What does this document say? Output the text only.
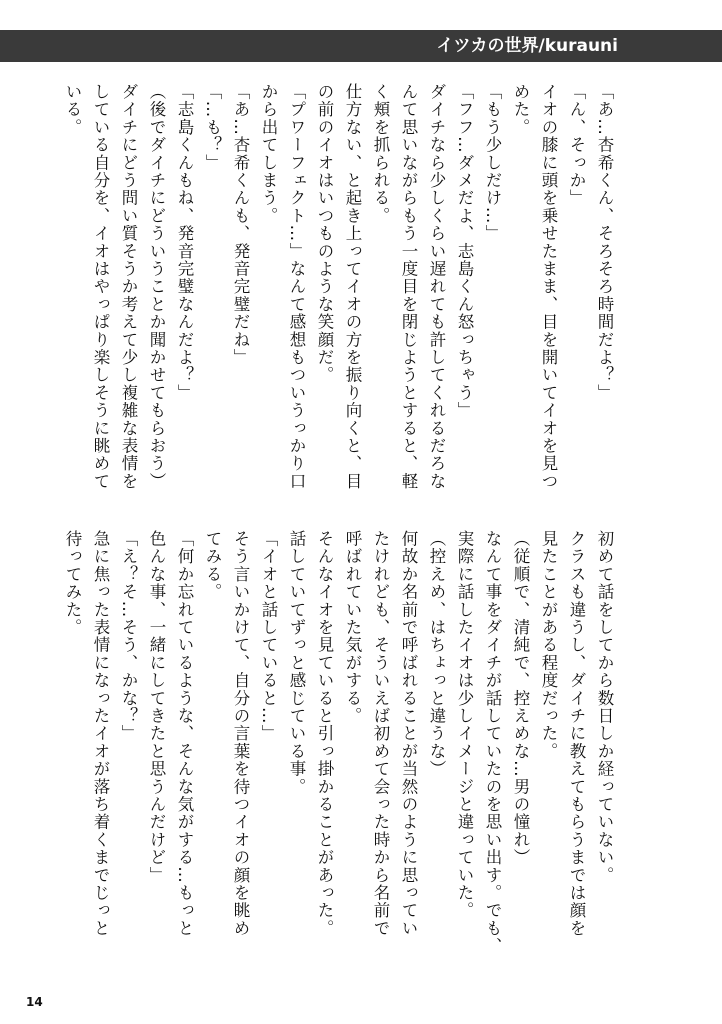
イツカの世界/kurauni
「あ…杏希くん、そろそろ時間だよ？」
「ん、そっか」
イオの膝に頭を乗せたまま、目を開いてイオを見つ
めた。
「もう少しだけ…」
「フフ…ダメだよ、志島くん怒っちゃう」
ダイチなら少しくらい遅れても許してくれるだろな
んて思いながらもう一度目を閉じようとすると、軽
く頬を抓られる。
仕方ない、と起き上ってイオの方を振り向くと、目
の前のイオはいつものような笑顔だ。
「プワーフェクト…」なんて感想もついうっかり口
から出てしまう。
「あ…杏希くんも、発音完璧だね」
「…も？」
「志島くんもね、発音完璧なんだよ？」
（後でダイチにどういうことか聞かせてもらおう）
ダイチにどう問い質そうか考えて少し複雑な表情を
している自分を、イオはやっぱり楽しそうに眺めて
いる。
初めて話をしてから数日しか経っていない。
クラスも違うし、ダイチに教えてもらうまでは顔を
見たことがある程度だった。
（従順で、清純で、控えめな…男の憧れ）
なんて事をダイチが話していたのを思い出す。でも、
実際に話したイオは少しイメージと違っていた。
（控えめ、はちょっと違うな）
何故か名前で呼ばれることが当然のように思ってい
たけれども、そういえば初めて会った時から名前で
呼ばれていた気がする。
そんなイオを見ていると引っ掛かることがあった。
話していてずっと感じている事。
「イオと話していると…」
そう言いかけて、自分の言葉を待つイオの顔を眺め
てみる。
「何か忘れているような、そんな気がする…もっと
色んな事、一緒にしてきたと思うんだけど」
「え？そ…そう、かな？」
急に焦った表情になったイオが落ち着くまでじっと
待ってみた。
14
